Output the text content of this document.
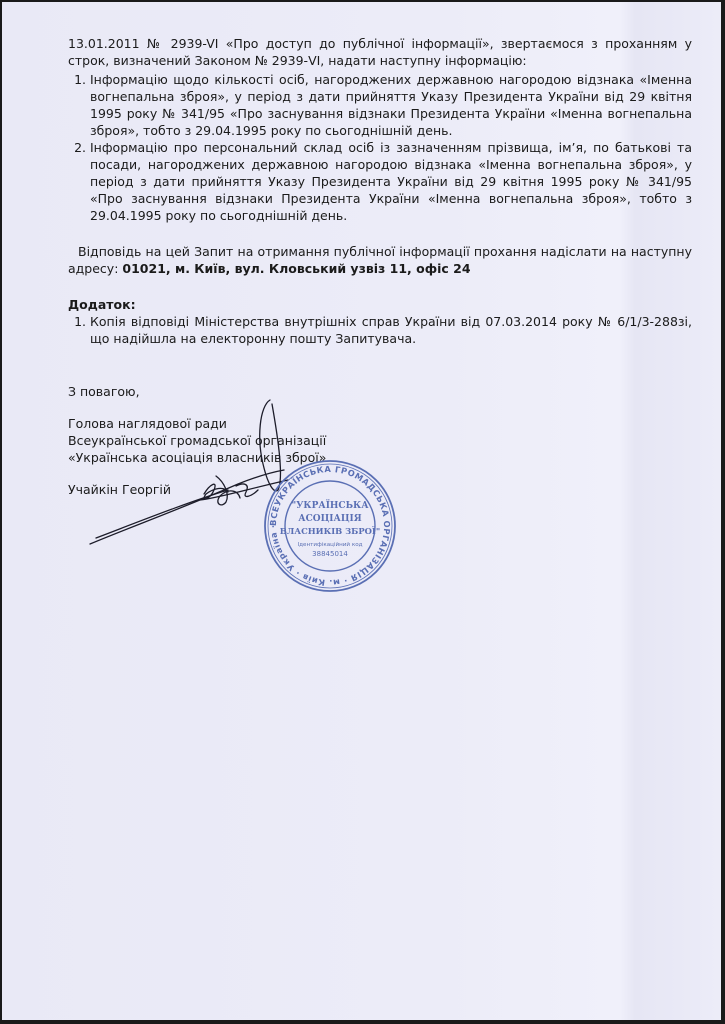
13.01.2011 № 2939-VI «Про доступ до публічної інформації», звертаємося з проханням у строк, визначений Законом № 2939-VI, надати наступну інформацію:

1. Інформацію щодо кількості осіб, нагороджених державною нагородою відзнака «Іменна вогнепальна зброя», у період з дати прийняття Указу Президента України від 29 квітня 1995 року № 341/95 «Про заснування відзнаки Президента України «Іменна вогнепальна зброя», тобто з 29.04.1995 року по сьогоднішній день.
2. Інформацію про персональний склад осіб із зазначенням прізвища, ім’я, по батькові та посади, нагороджених державною нагородою відзнака «Іменна вогнепальна зброя», у період з дати прийняття Указу Президента України від 29 квітня 1995 року № 341/95 «Про заснування відзнаки Президента України «Іменна вогнепальна зброя», тобто з 29.04.1995 року по сьогоднішній день.

Відповідь на цей Запит на отримання публічної інформації прохання надіслати на наступну адресу: 01021, м. Київ, вул. Кловський узвіз 11, офіс 24

Додаток:

1. Копія відповіді Міністерства внутрішніх справ України від 07.03.2014 року № 6/1/3-288зі, що надійшла на електоронну пошту Запитувача.

З повагою,

Голова наглядової ради

Всеукраїнської громадської організації

«Українська асоціація власників зброї»

Учайкін Георгій

ВСЕУКРАЇНСЬКА ГРОМАДСЬКА ОРГАНІЗАЦІЯ · м. Київ · Україна ·
"УКРАЇНСЬКА
АСОЦІАЦІЯ
ВЛАСНИКІВ ЗБРОЇ"
Ідентифікаційний код
38845014
